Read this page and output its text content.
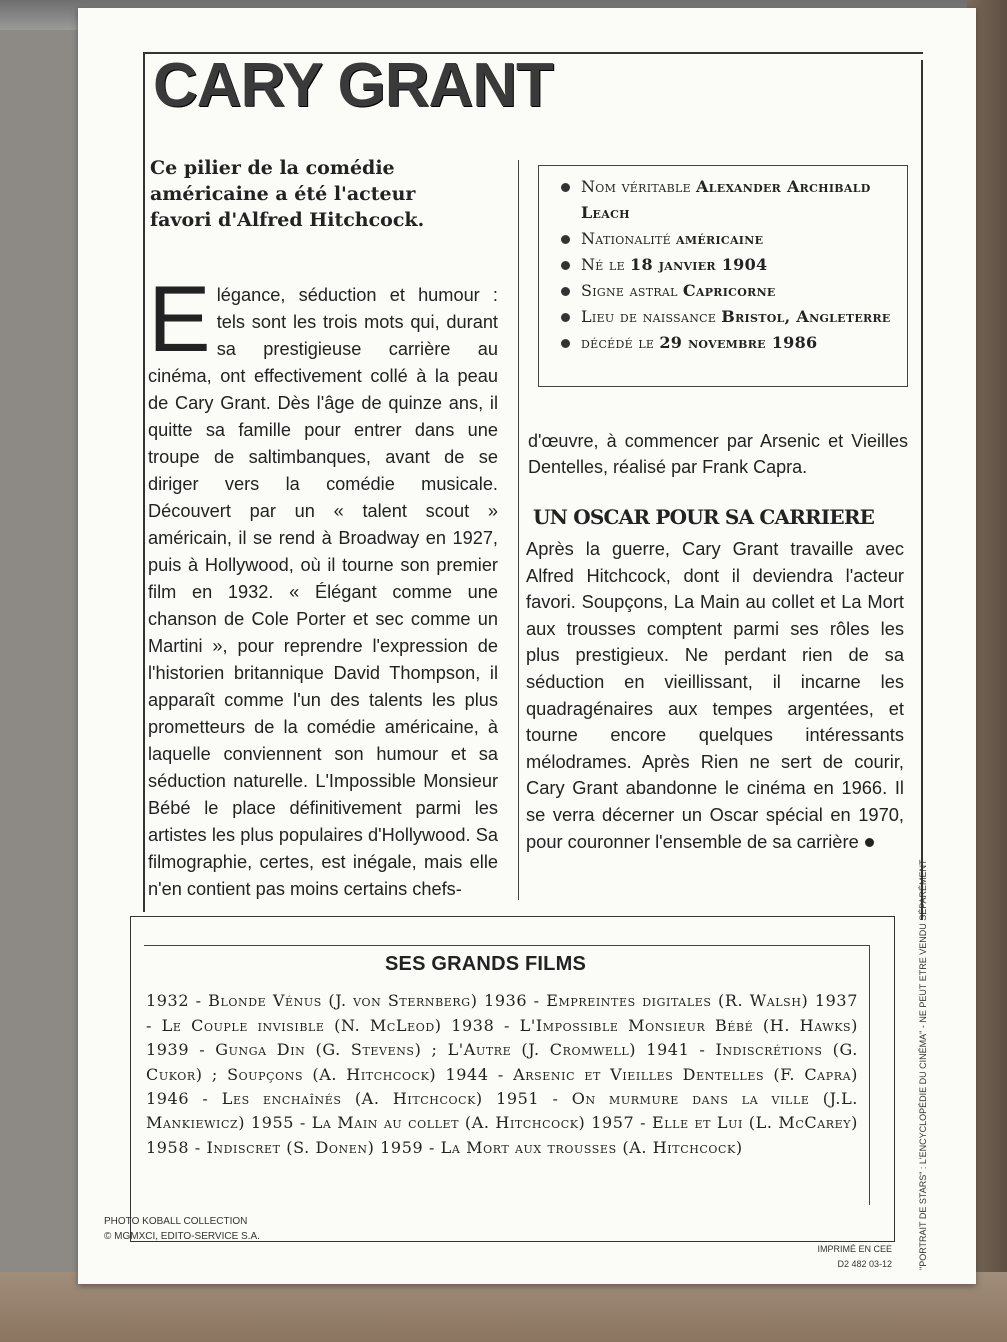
CARY GRANT

Ce pilier de la comédie américaine a été l'acteur favori d'Alfred Hitchcock.

Elégance, séduction et humour : tels sont les trois mots qui, durant sa prestigieuse carrière au cinéma, ont effectivement collé à la peau de Cary Grant. Dès l'âge de quinze ans, il quitte sa famille pour entrer dans une troupe de saltimbanques, avant de se diriger vers la comédie musicale. Découvert par un « talent scout » américain, il se rend à Broadway en 1927, puis à Hollywood, où il tourne son premier film en 1932. « Élégant comme une chanson de Cole Porter et sec comme un Martini », pour reprendre l'expression de l'historien britannique David Thompson, il apparaît comme l'un des talents les plus prometteurs de la comédie américaine, à laquelle conviennent son humour et sa séduction naturelle. L'Impossible Monsieur Bébé le place définitivement parmi les artistes les plus populaires d'Hollywood. Sa filmographie, certes, est inégale, mais elle n'en contient pas moins certains chefs-

Nom véritable Alexander Archibald Leach
Nationalité américaine
Né le 18 janvier 1904
Signe astral Capricorne
Lieu de naissance Bristol, Angleterre
décédé le 29 novembre 1986

d'œuvre, à commencer par Arsenic et Vieilles Dentelles, réalisé par Frank Capra.

UN OSCAR POUR SA CARRIERE

Après la guerre, Cary Grant travaille avec Alfred Hitchcock, dont il deviendra l'acteur favori. Soupçons, La Main au collet et La Mort aux trousses comptent parmi ses rôles les plus prestigieux. Ne perdant rien de sa séduction en vieillissant, il incarne les quadragénaires aux tempes argentées, et tourne encore quelques intéressants mélodrames. Après Rien ne sert de courir, Cary Grant abandonne le cinéma en 1966. Il se verra décerner un Oscar spécial en 1970, pour couronner l'ensemble de sa carrière

SES GRANDS FILMS

1932 - Blonde Vénus (J. von Sternberg) 1936 - Empreintes digitales (R. Walsh) 1937 - Le Couple invisible (N. McLeod) 1938 - L'Impossible Monsieur Bébé (H. Hawks) 1939 - Gunga Din (G. Stevens) ; L'Autre (J. Cromwell) 1941 - Indiscrétions (G. Cukor) ; Soupçons (A. Hitchcock) 1944 - Arsenic et Vieilles Dentelles (F. Capra) 1946 - Les enchaînés (A. Hitchcock) 1951 - On murmure dans la ville (J.L. Mankiewicz) 1955 - La Main au collet (A. Hitchcock) 1957 - Elle et Lui (L. McCarey) 1958 - Indiscret (S. Donen) 1959 - La Mort aux trousses (A. Hitchcock)

PHOTO KOBALL COLLECTION
© MGMXCI, EDITO-SERVICE S.A.

IMPRIMÉ EN CEE
D2 482 03-12	"PORTRAIT DE STARS" : L'ENCYCLOPÉDIE DU CINÉMA" - NE PEUT ETRE VENDU SÉPARÉMENT
